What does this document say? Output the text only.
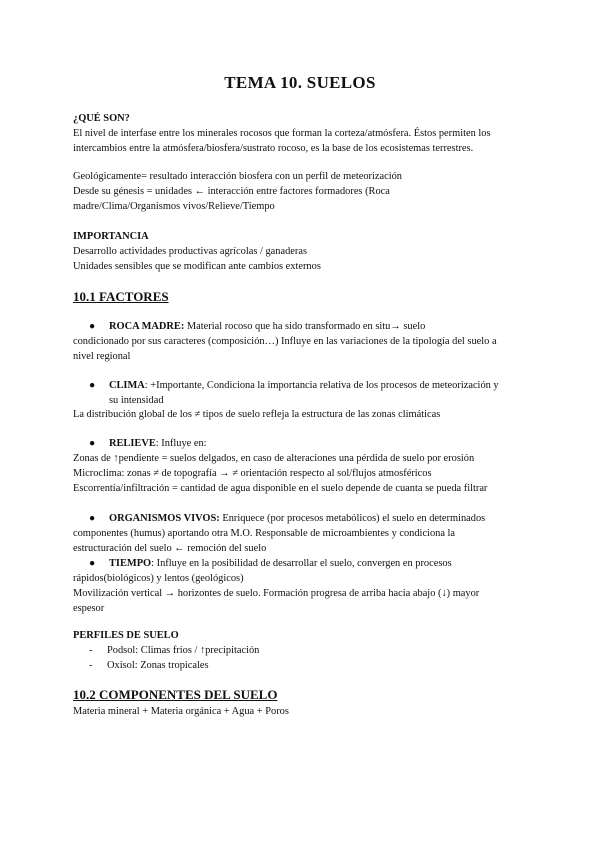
TEMA 10. SUELOS
¿QUÉ SON?
El nivel de interfase entre los minerales rocosos que forman la corteza/atmósfera. Éstos permiten los
intercambios entre la atmósfera/biosfera/sustrato rocoso, es la base de los ecosistemas terrestres.
Geológicamente= resultado interacción biosfera con un perfil de meteorización
Desde su génesis = unidades ← interacción entre factores formadores (Roca
madre/Clima/Organismos vivos/Relieve/Tiempo
IMPORTANCIA
Desarrollo actividades productivas agrícolas / ganaderas
Unidades sensibles que se modifican ante cambios externos
10.1 FACTORES
● ROCA MADRE: Material rocoso que ha sido transformado en situ→ suelo
condicionado por sus caracteres (composición…) Influye en las variaciones de la tipología del suelo a
nivel regional
● CLIMA: +Importante, Condiciona la importancia relativa de los procesos de meteorización y
su intensidad
La distribución global de los ≠ tipos de suelo refleja la estructura de las zonas climáticas
● RELIEVE: Influye en:
Zonas de ↑pendiente = suelos delgados, en caso de alteraciones una pérdida de suelo por erosión
Microclima: zonas ≠ de topografía → ≠ orientación respecto al sol/flujos atmosféricos
Escorrentía/infiltración = cantidad de agua disponible en el suelo depende de cuanta se pueda filtrar
● ORGANISMOS VIVOS: Enriquece (por procesos metabólicos) el suelo en determinados
componentes (humus) aportando otra M.O. Responsable de microambientes y condiciona la
estructuración del suelo ← remoción del suelo
● TIEMPO: Influye en la posibilidad de desarrollar el suelo, convergen en procesos
rápidos(biológicos) y lentos (geológicos)
Movilización vertical → horizontes de suelo. Formación progresa de arriba hacia abajo (↓) mayor
espesor
PERFILES DE SUELO
- Podsol: Climas fríos / ↑precipitación
- Oxisol: Zonas tropicales
10.2 COMPONENTES DEL SUELO
Materia mineral + Materia orgánica + Agua + Poros
